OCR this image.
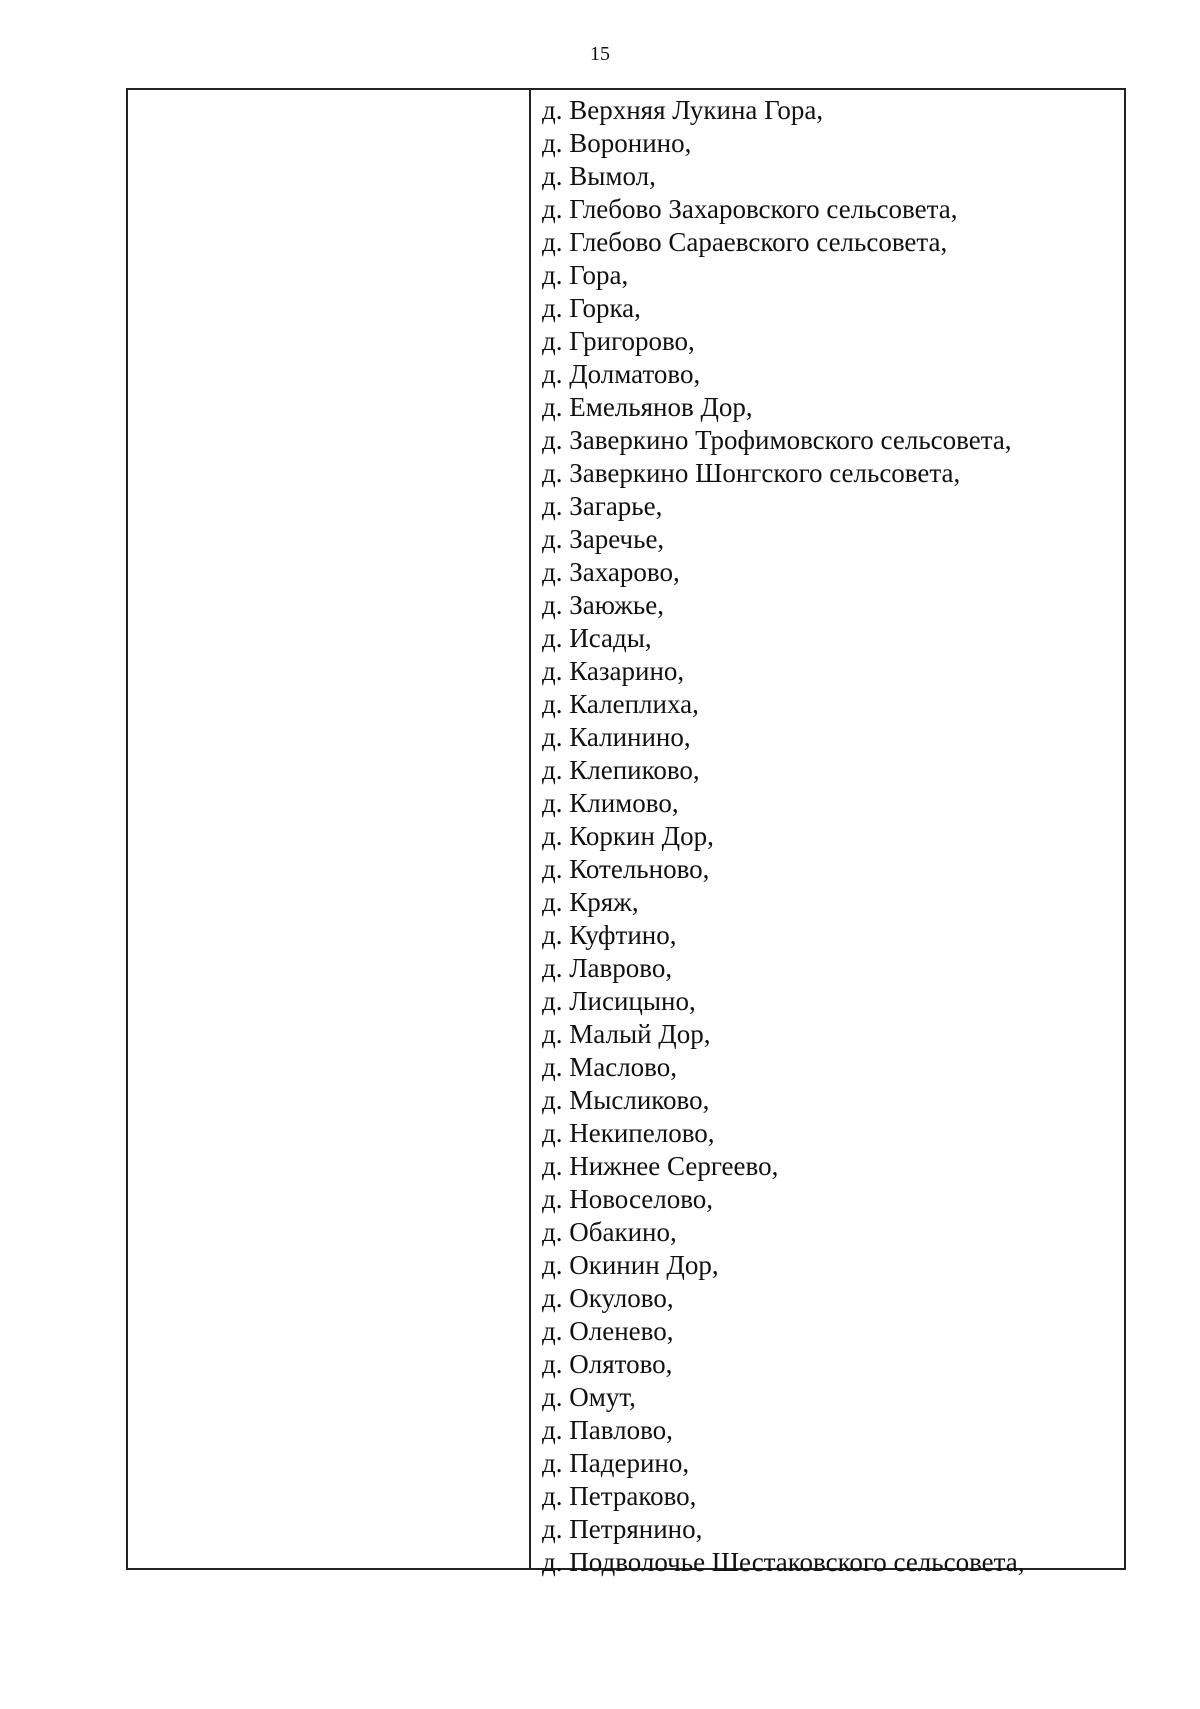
15
д. Верхняя Лукина Гора,
д. Воронино,
д. Вымол,
д. Глебово Захаровского сельсовета,
д. Глебово Сараевского сельсовета,
д. Гора,
д. Горка,
д. Григорово,
д. Долматово,
д. Емельянов Дор,
д. Заверкино Трофимовского сельсовета,
д. Заверкино Шонгского сельсовета,
д. Загарье,
д. Заречье,
д. Захарово,
д. Заюжье,
д. Исады,
д. Казарино,
д. Калеплиха,
д. Калинино,
д. Клепиково,
д. Климово,
д. Коркин Дор,
д. Котельново,
д. Кряж,
д. Куфтино,
д. Лаврово,
д. Лисицыно,
д. Малый Дор,
д. Маслово,
д. Мысликово,
д. Некипелово,
д. Нижнее Сергеево,
д. Новоселово,
д. Обакино,
д. Окинин Дор,
д. Окулово,
д. Оленево,
д. Олятово,
д. Омут,
д. Павлово,
д. Падерино,
д. Петраково,
д. Петрянино,
д. Подволочье Шестаковского сельсовета,
